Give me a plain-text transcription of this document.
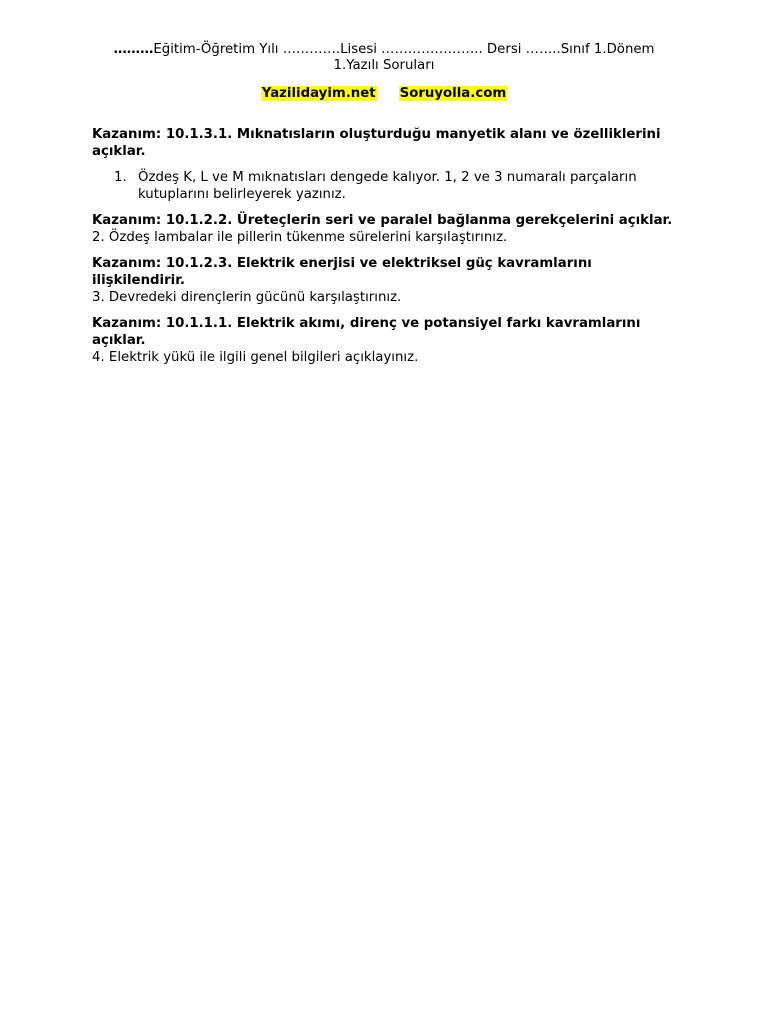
………Eğitim-Öğretim Yılı ………….Lisesi ………………….. Dersi ……..Sınıf 1.Dönem
1.Yazılı Soruları
Yazilidayim.net Soruyolla.com

Kazanım: 10.1.3.1. Mıknatısların oluşturduğu manyetik alanı ve özelliklerini açıklar.

1. Özdeş K, L ve M mıknatısları dengede kalıyor. 1, 2 ve 3 numaralı parçaların kutuplarını belirleyerek yazınız.

Kazanım: 10.1.2.2. Üreteçlerin seri ve paralel bağlanma gerekçelerini açıklar.

2. Özdeş lambalar ile pillerin tükenme sürelerini karşılaştırınız.

Kazanım: 10.1.2.3. Elektrik enerjisi ve elektriksel güç kavramlarını ilişkilendirir.

3. Devredeki dirençlerin gücünü karşılaştırınız.

Kazanım: 10.1.1.1. Elektrik akımı, direnç ve potansiyel farkı kavramlarını açıklar.

4. Elektrik yükü ile ilgili genel bilgileri açıklayınız.
